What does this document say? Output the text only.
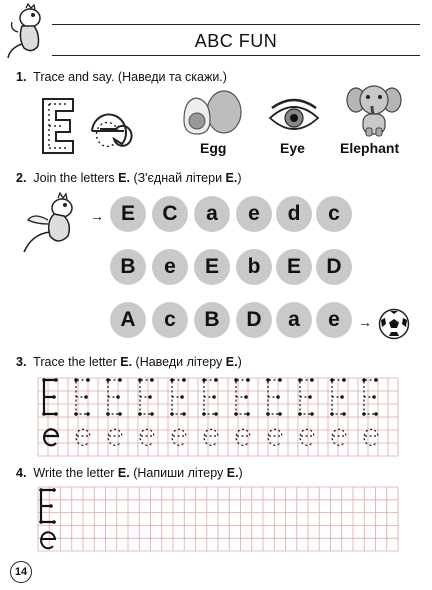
ABC FUN
1. Trace and say. (Наведи та скажи.)
Egg	Eye	Elephant
2. Join the letters E. (З'єднай літери E.)
→ E	C	a	e	d	c
B	e	E	b	E	D
A	c	B	D	a	e	→
3. Trace the letter E. (Наведи літеру E.)
4. Write the letter E. (Напиши літеру E.)
14
